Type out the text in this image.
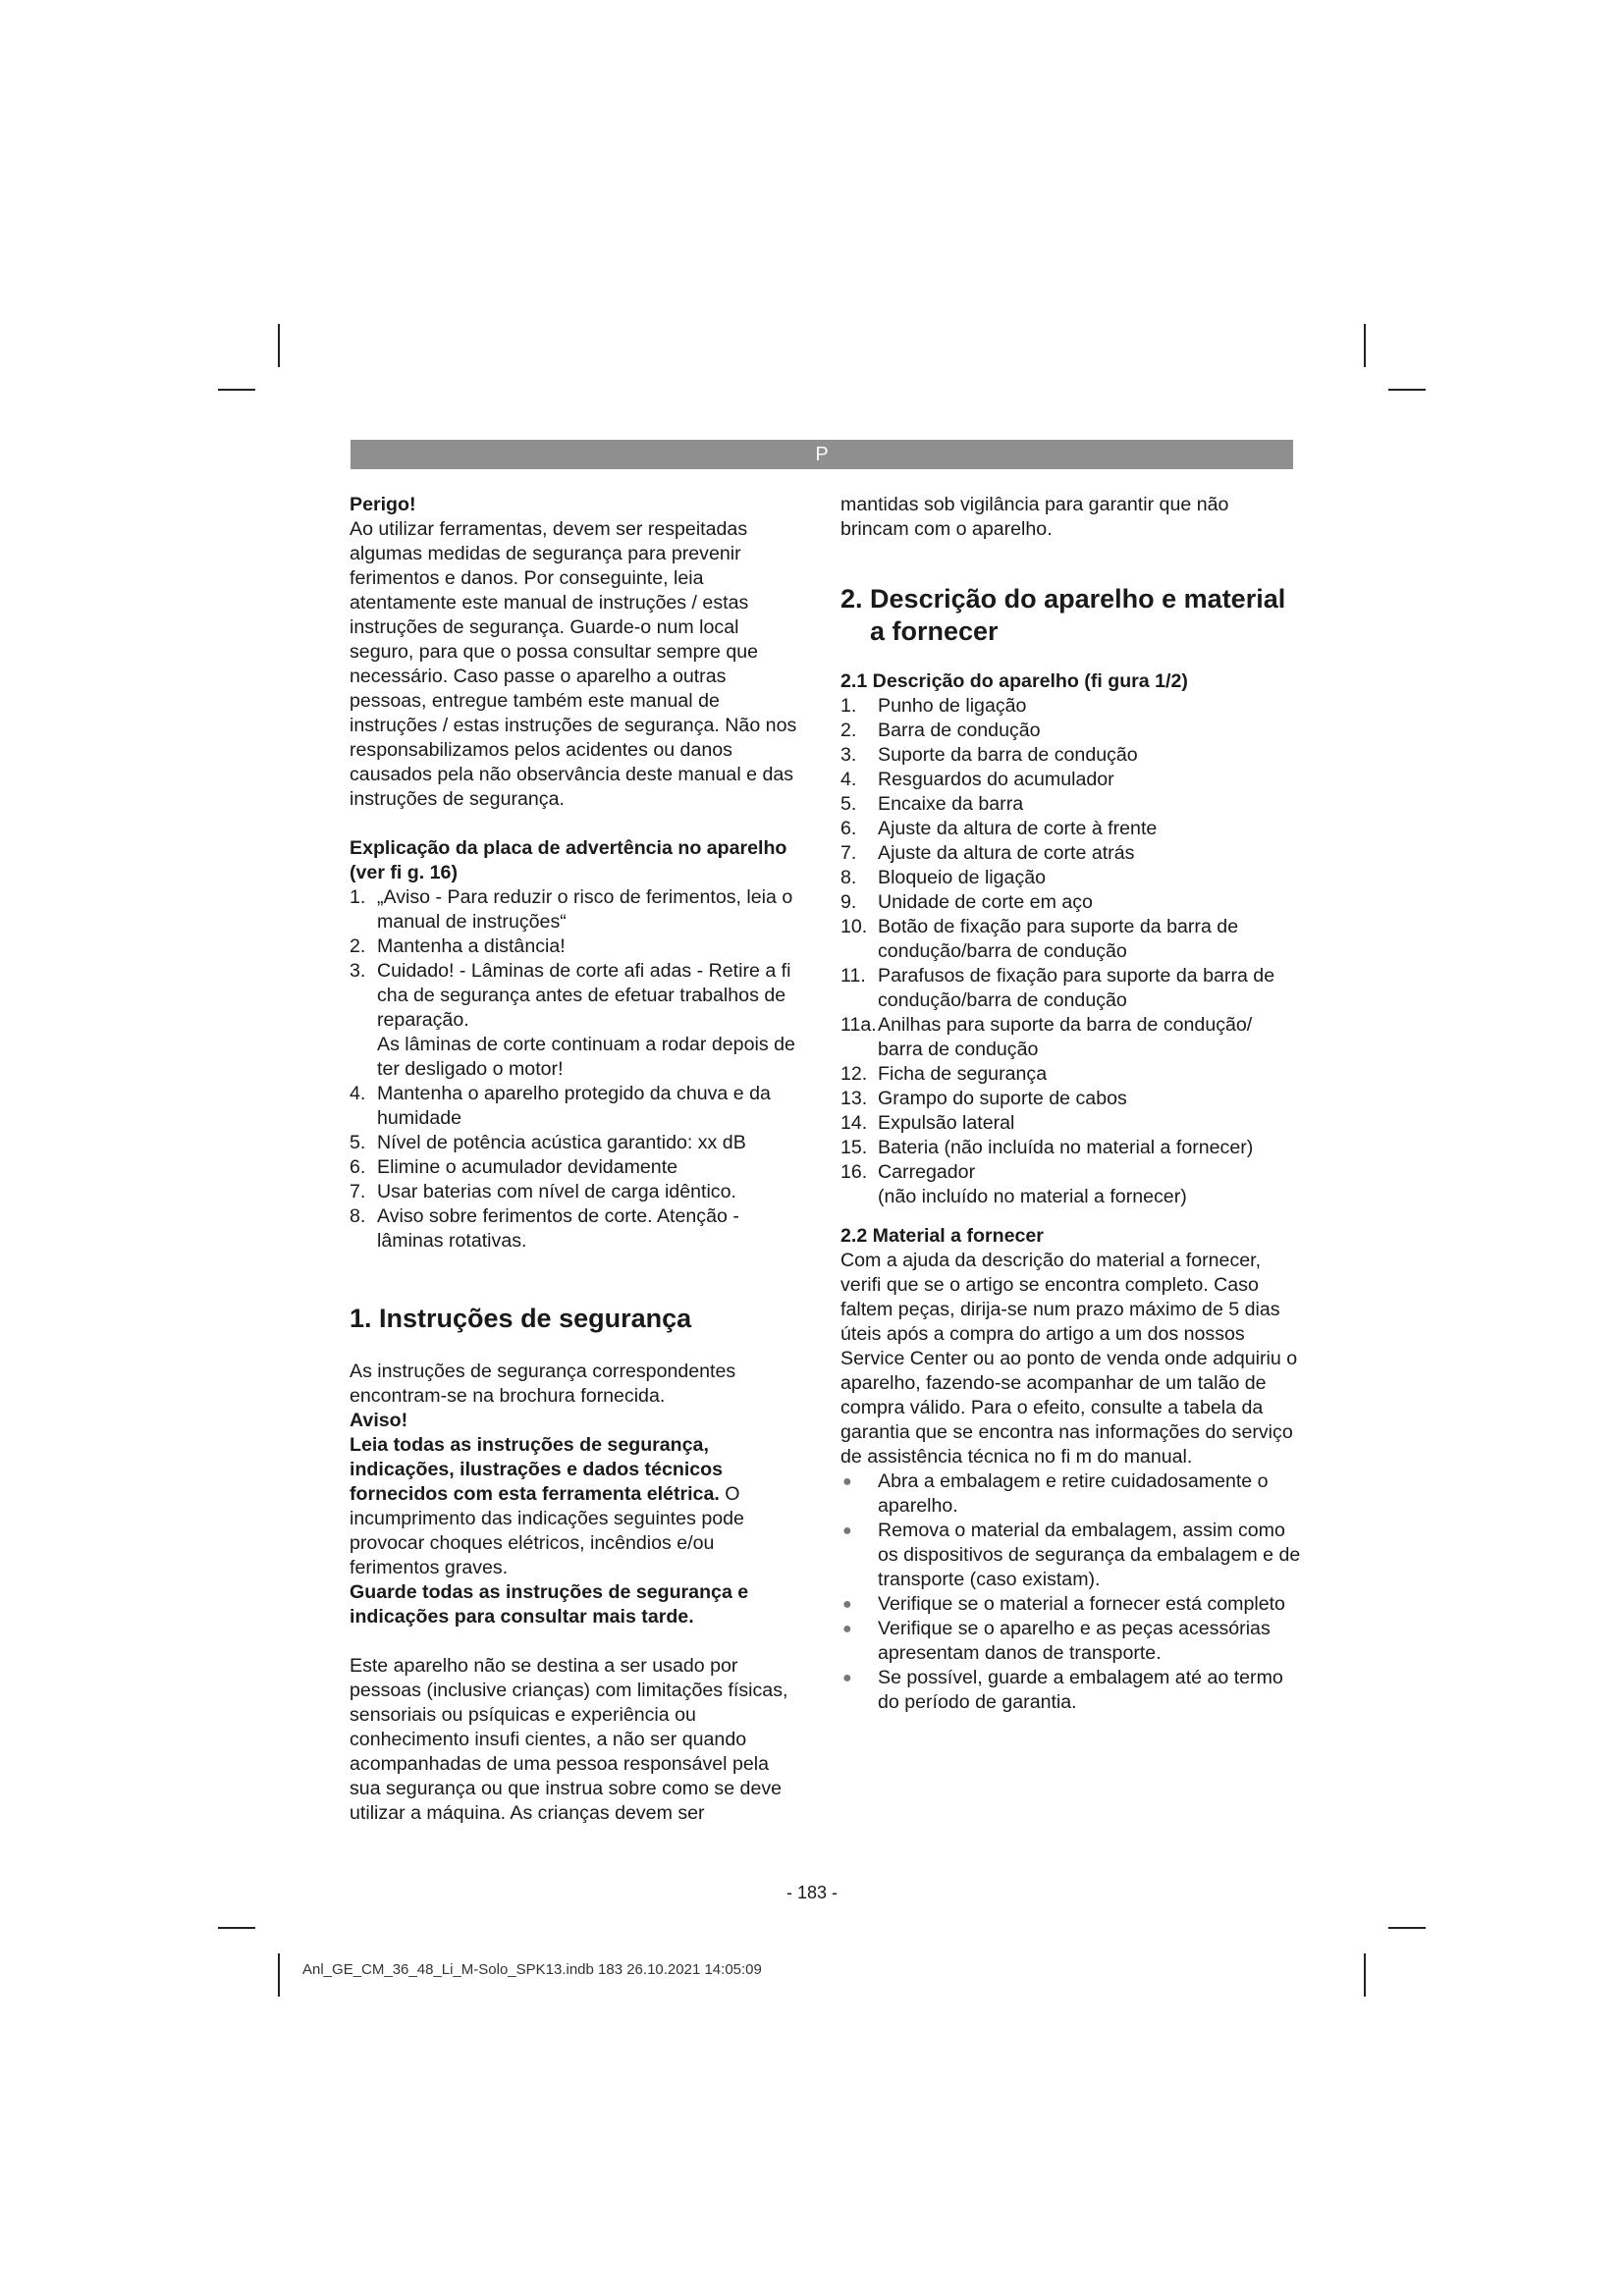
P

Perigo!

Ao utilizar ferramentas, devem ser respeitadas algumas medidas de segurança para prevenir ferimentos e danos. Por conseguinte, leia atentamente este manual de instruções / estas instruções de segurança. Guarde-o num local seguro, para que o possa consultar sempre que necessário. Caso passe o aparelho a outras pessoas, entregue também este manual de instruções / estas instruções de segurança. Não nos responsabilizamos pelos acidentes ou danos causados pela não observância deste manual e das instruções de segurança.

Explicação da placa de advertência no aparelho (ver fi g. 16)

1. „Aviso - Para reduzir o risco de ferimentos, leia o manual de instruções“
2. Mantenha a distância!
3. Cuidado! - Lâminas de corte afi adas - Retire a fi cha de segurança antes de efetuar trabalhos de reparação.
As lâminas de corte continuam a rodar depois de ter desligado o motor!
4. Mantenha o aparelho protegido da chuva e da humidade
5. Nível de potência acústica garantido: xx dB
6. Elimine o acumulador devidamente
7. Usar baterias com nível de carga idêntico.
8. Aviso sobre ferimentos de corte. Atenção - lâminas rotativas.
1. Instruções de segurança

As instruções de segurança correspondentes encontram-se na brochura fornecida.

Aviso!

Leia todas as instruções de segurança, indicações, ilustrações e dados técnicos fornecidos com esta ferramenta elétrica. O incumprimento das indicações seguintes pode provocar choques elétricos, incêndios e/ou ferimentos graves.

Guarde todas as instruções de segurança e indicações para consultar mais tarde.

Este aparelho não se destina a ser usado por pessoas (inclusive crianças) com limitações físicas, sensoriais ou psíquicas e experiência ou conhecimento insufi cientes, a não ser quando acompanhadas de uma pessoa responsável pela sua segurança ou que instrua sobre como se deve utilizar a máquina. As crianças devem ser

mantidas sob vigilância para garantir que não brincam com o aparelho.

2. Descrição do aparelho e material a fornecer

2.1 Descrição do aparelho (fi gura 1/2)

1. Punho de ligação
2. Barra de condução
3. Suporte da barra de condução
4. Resguardos do acumulador
5. Encaixe da barra
6. Ajuste da altura de corte à frente
7. Ajuste da altura de corte atrás
8. Bloqueio de ligação
9. Unidade de corte em aço
10. Botão de fixação para suporte da barra de condução/barra de condução
11. Parafusos de fixação para suporte da barra de condução/barra de condução
11a. Anilhas para suporte da barra de condução/ barra de condução
12. Ficha de segurança
13. Grampo do suporte de cabos
14. Expulsão lateral
15. Bateria (não incluída no material a fornecer)
16. Carregador
(não incluído no material a fornecer)

2.2 Material a fornecer

Com a ajuda da descrição do material a fornecer, verifi que se o artigo se encontra completo. Caso faltem peças, dirija-se num prazo máximo de 5 dias úteis após a compra do artigo a um dos nossos Service Center ou ao ponto de venda onde adquiriu o aparelho, fazendo-se acompanhar de um talão de compra válido. Para o efeito, consulte a tabela da garantia que se encontra nas informações do serviço de assistência técnica no fi m do manual.

● Abra a embalagem e retire cuidadosamente o aparelho.
● Remova o material da embalagem, assim como os dispositivos de segurança da embalagem e de transporte (caso existam).
● Verifique se o material a fornecer está completo
● Verifique se o aparelho e as peças acessórias apresentam danos de transporte.
● Se possível, guarde a embalagem até ao termo do período de garantia.
- 183 -
Anl_GE_CM_36_48_Li_M-Solo_SPK13.indb 183 26.10.2021 14:05:09
